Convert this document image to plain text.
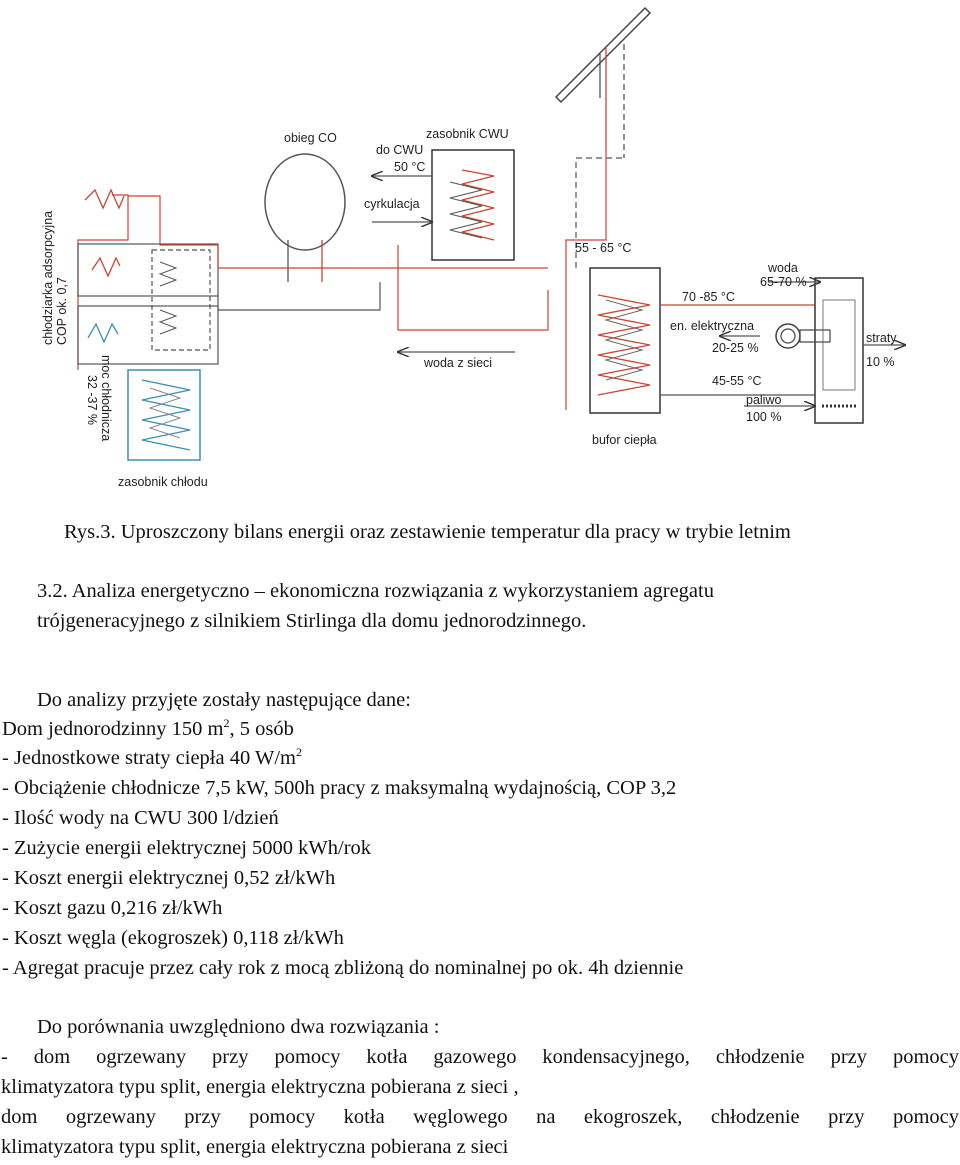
obieg CO	zasobnik CWU
do CWU
50 °C
cyrkulacja
woda z sieci
55 - 65 °C
bufor ciepła
woda
65-70 %
70 -85 °C
en. elektryczna
20-25 %
straty
10 %
45-55 °C
paliwo
100 %
chłodziarka adsorpcyjna COP ok. 0,7
moc chłodnicza
32 -37 %
zasobnik chłodu

Rys.3. Uproszczony bilans energii oraz zestawienie temperatur dla pracy w trybie letnim

3.2. Analiza energetyczno – ekonomiczna rozwiązania z wykorzystaniem agregatu

trójgeneracyjnego z silnikiem Stirlinga dla domu jednorodzinnego.

Do analizy przyjęte zostały następujące dane:

Dom jednorodzinny 150 $m^2$, 5 osób

- Jednostkowe straty ciepła 40 $W/m^2$

- Obciążenie chłodnicze 7,5 kW, 500h pracy z maksymalną wydajnością, COP 3,2

- Ilość wody na CWU 300 l/dzień

- Zużycie energii elektrycznej 5000 kWh/rok

- Koszt energii elektrycznej 0,52 zł/kWh

- Koszt gazu 0,216 zł/kWh

- Koszt węgla (ekogroszek) 0,118 zł/kWh

- Agregat pracuje przez cały rok z mocą zbliżoną do nominalnej po ok. 4h dziennie

Do porównania uwzględniono dwa rozwiązania :

- dom ogrzewany przy pomocy kotła gazowego kondensacyjnego, chłodzenie przy pomocy

klimatyzatora typu split, energia elektryczna pobierana z sieci ,

dom ogrzewany przy pomocy kotła węglowego na ekogroszek, chłodzenie przy pomocy

klimatyzatora typu split, energia elektryczna pobierana z sieci
